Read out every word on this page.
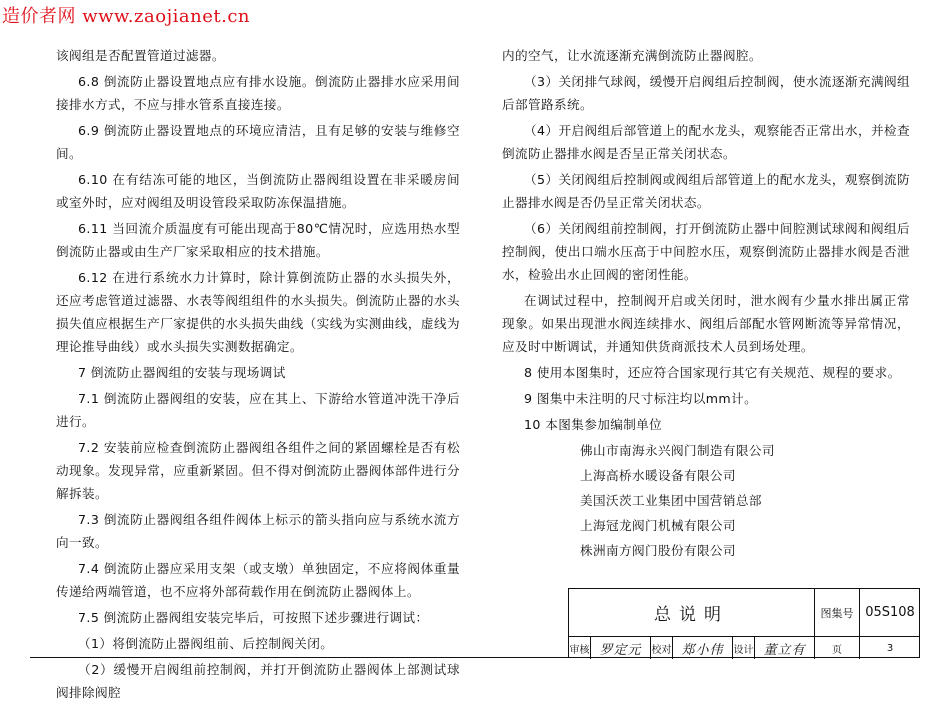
造价者网 www.zaojianet.cn

该阀组是否配置管道过滤器。

6.8 倒流防止器设置地点应有排水设施。倒流防止器排水应采用间接排水方式，不应与排水管系直接连接。

6.9 倒流防止器设置地点的环境应清洁，且有足够的安装与维修空间。

6.10 在有结冻可能的地区，当倒流防止器阀组设置在非采暖房间或室外时，应对阀组及明设管段采取防冻保温措施。

6.11 当回流介质温度有可能出现高于80℃情况时，应选用热水型倒流防止器或由生产厂家采取相应的技术措施。

6.12 在进行系统水力计算时，除计算倒流防止器的水头损失外，还应考虑管道过滤器、水表等阀组组件的水头损失。倒流防止器的水头损失值应根据生产厂家提供的水头损失曲线（实线为实测曲线，虚线为理论推导曲线）或水头损失实测数据确定。

7 倒流防止器阀组的安装与现场调试

7.1 倒流防止器阀组的安装，应在其上、下游给水管道冲洗干净后进行。

7.2 安装前应检查倒流防止器阀组各组件之间的紧固螺栓是否有松动现象。发现异常，应重新紧固。但不得对倒流防止器阀体部件进行分解拆装。

7.3 倒流防止器阀组各组件阀体上标示的箭头指向应与系统水流方向一致。

7.4 倒流防止器应采用支架（或支墩）单独固定，不应将阀体重量传递给两端管道，也不应将外部荷载作用在倒流防止器阀体上。

7.5 倒流防止器阀组安装完毕后，可按照下述步骤进行调试：

（1）将倒流防止器阀组前、后控制阀关闭。

（2）缓慢开启阀组前控制阀，并打开倒流防止器阀体上部测试球阀排除阀腔

内的空气，让水流逐渐充满倒流防止器阀腔。

（3）关闭排气球阀，缓慢开启阀组后控制阀，使水流逐渐充满阀组后部管路系统。

（4）开启阀组后部管道上的配水龙头，观察能否正常出水，并检查倒流防止器排水阀是否呈正常关闭状态。

（5）关闭阀组后控制阀或阀组后部管道上的配水龙头，观察倒流防止器排水阀是否仍呈正常关闭状态。

（6）关闭阀组前控制阀，打开倒流防止器中间腔测试球阀和阀组后控制阀，使出口端水压高于中间腔水压，观察倒流防止器排水阀是否泄水，检验出水止回阀的密闭性能。

在调试过程中，控制阀开启或关闭时，泄水阀有少量水排出属正常现象。如果出现泄水阀连续排水、阀组后部配水管网断流等异常情况，应及时中断调试，并通知供货商派技术人员到场处理。

8 使用本图集时，还应符合国家现行其它有关规范、规程的要求。

9 图集中未注明的尺寸标注均以mm计。

10 本图集参加编制单位

佛山市南海永兴阀门制造有限公司
上海高桥水暖设备有限公司
美国沃茨工业集团中国营销总部
上海冠龙阀门机械有限公司
株洲南方阀门股份有限公司
总说明	图集号 05S108
审核 罗定元	校对 郑小伟	设计 董立有	页	3
